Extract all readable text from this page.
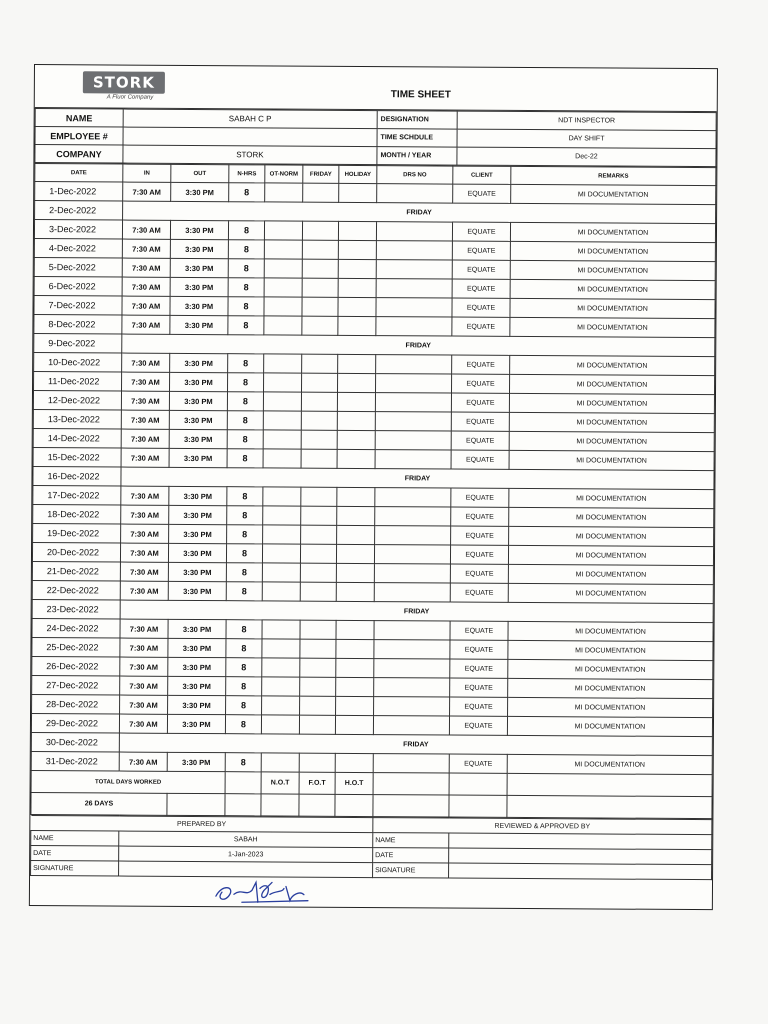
STORK
A Fluor Company	TIME SHEET
NAME	SABAH C P	DESIGNATION	NDT INSPECTOR
EMPLOYEE #		TIME SCHDULE	DAY SHIFT
COMPANY	STORK	MONTH / YEAR	Dec-22
DATE	IN	OUT	N-HRS	OT-NORM	FRIDAY	HOLIDAY	DRS NO	CLIENT	REMARKS
1-Dec-2022	7:30 AM	3:30 PM	8					EQUATE	MI DOCUMENTATION
2-Dec-2022	FRIDAY								
3-Dec-2022	7:30 AM	3:30 PM	8					EQUATE	MI DOCUMENTATION
4-Dec-2022	7:30 AM	3:30 PM	8					EQUATE	MI DOCUMENTATION
5-Dec-2022	7:30 AM	3:30 PM	8					EQUATE	MI DOCUMENTATION
6-Dec-2022	7:30 AM	3:30 PM	8					EQUATE	MI DOCUMENTATION
7-Dec-2022	7:30 AM	3:30 PM	8					EQUATE	MI DOCUMENTATION
8-Dec-2022	7:30 AM	3:30 PM	8					EQUATE	MI DOCUMENTATION
9-Dec-2022	FRIDAY								
10-Dec-2022	7:30 AM	3:30 PM	8					EQUATE	MI DOCUMENTATION
11-Dec-2022	7:30 AM	3:30 PM	8					EQUATE	MI DOCUMENTATION
12-Dec-2022	7:30 AM	3:30 PM	8					EQUATE	MI DOCUMENTATION
13-Dec-2022	7:30 AM	3:30 PM	8					EQUATE	MI DOCUMENTATION
14-Dec-2022	7:30 AM	3:30 PM	8					EQUATE	MI DOCUMENTATION
15-Dec-2022	7:30 AM	3:30 PM	8					EQUATE	MI DOCUMENTATION
16-Dec-2022	FRIDAY								
17-Dec-2022	7:30 AM	3:30 PM	8					EQUATE	MI DOCUMENTATION
18-Dec-2022	7:30 AM	3:30 PM	8					EQUATE	MI DOCUMENTATION
19-Dec-2022	7:30 AM	3:30 PM	8					EQUATE	MI DOCUMENTATION
20-Dec-2022	7:30 AM	3:30 PM	8					EQUATE	MI DOCUMENTATION
21-Dec-2022	7:30 AM	3:30 PM	8					EQUATE	MI DOCUMENTATION
22-Dec-2022	7:30 AM	3:30 PM	8					EQUATE	MI DOCUMENTATION
23-Dec-2022	FRIDAY								
24-Dec-2022	7:30 AM	3:30 PM	8					EQUATE	MI DOCUMENTATION
25-Dec-2022	7:30 AM	3:30 PM	8					EQUATE	MI DOCUMENTATION
26-Dec-2022	7:30 AM	3:30 PM	8					EQUATE	MI DOCUMENTATION
27-Dec-2022	7:30 AM	3:30 PM	8					EQUATE	MI DOCUMENTATION
28-Dec-2022	7:30 AM	3:30 PM	8					EQUATE	MI DOCUMENTATION
29-Dec-2022	7:30 AM	3:30 PM	8					EQUATE	MI DOCUMENTATION
30-Dec-2022	FRIDAY								
31-Dec-2022	7:30 AM	3:30 PM	8					EQUATE	MI DOCUMENTATION
TOTAL DAYS WORKED				N.O.T	F.O.T	H.O.T			
26 DAYS									
PREPARED BY		REVIEWED & APPROVED BY	
NAME	SABAH	NAME	
DATE	1-Jan-2023	DATE	
SIGNATURE		SIGNATURE	
